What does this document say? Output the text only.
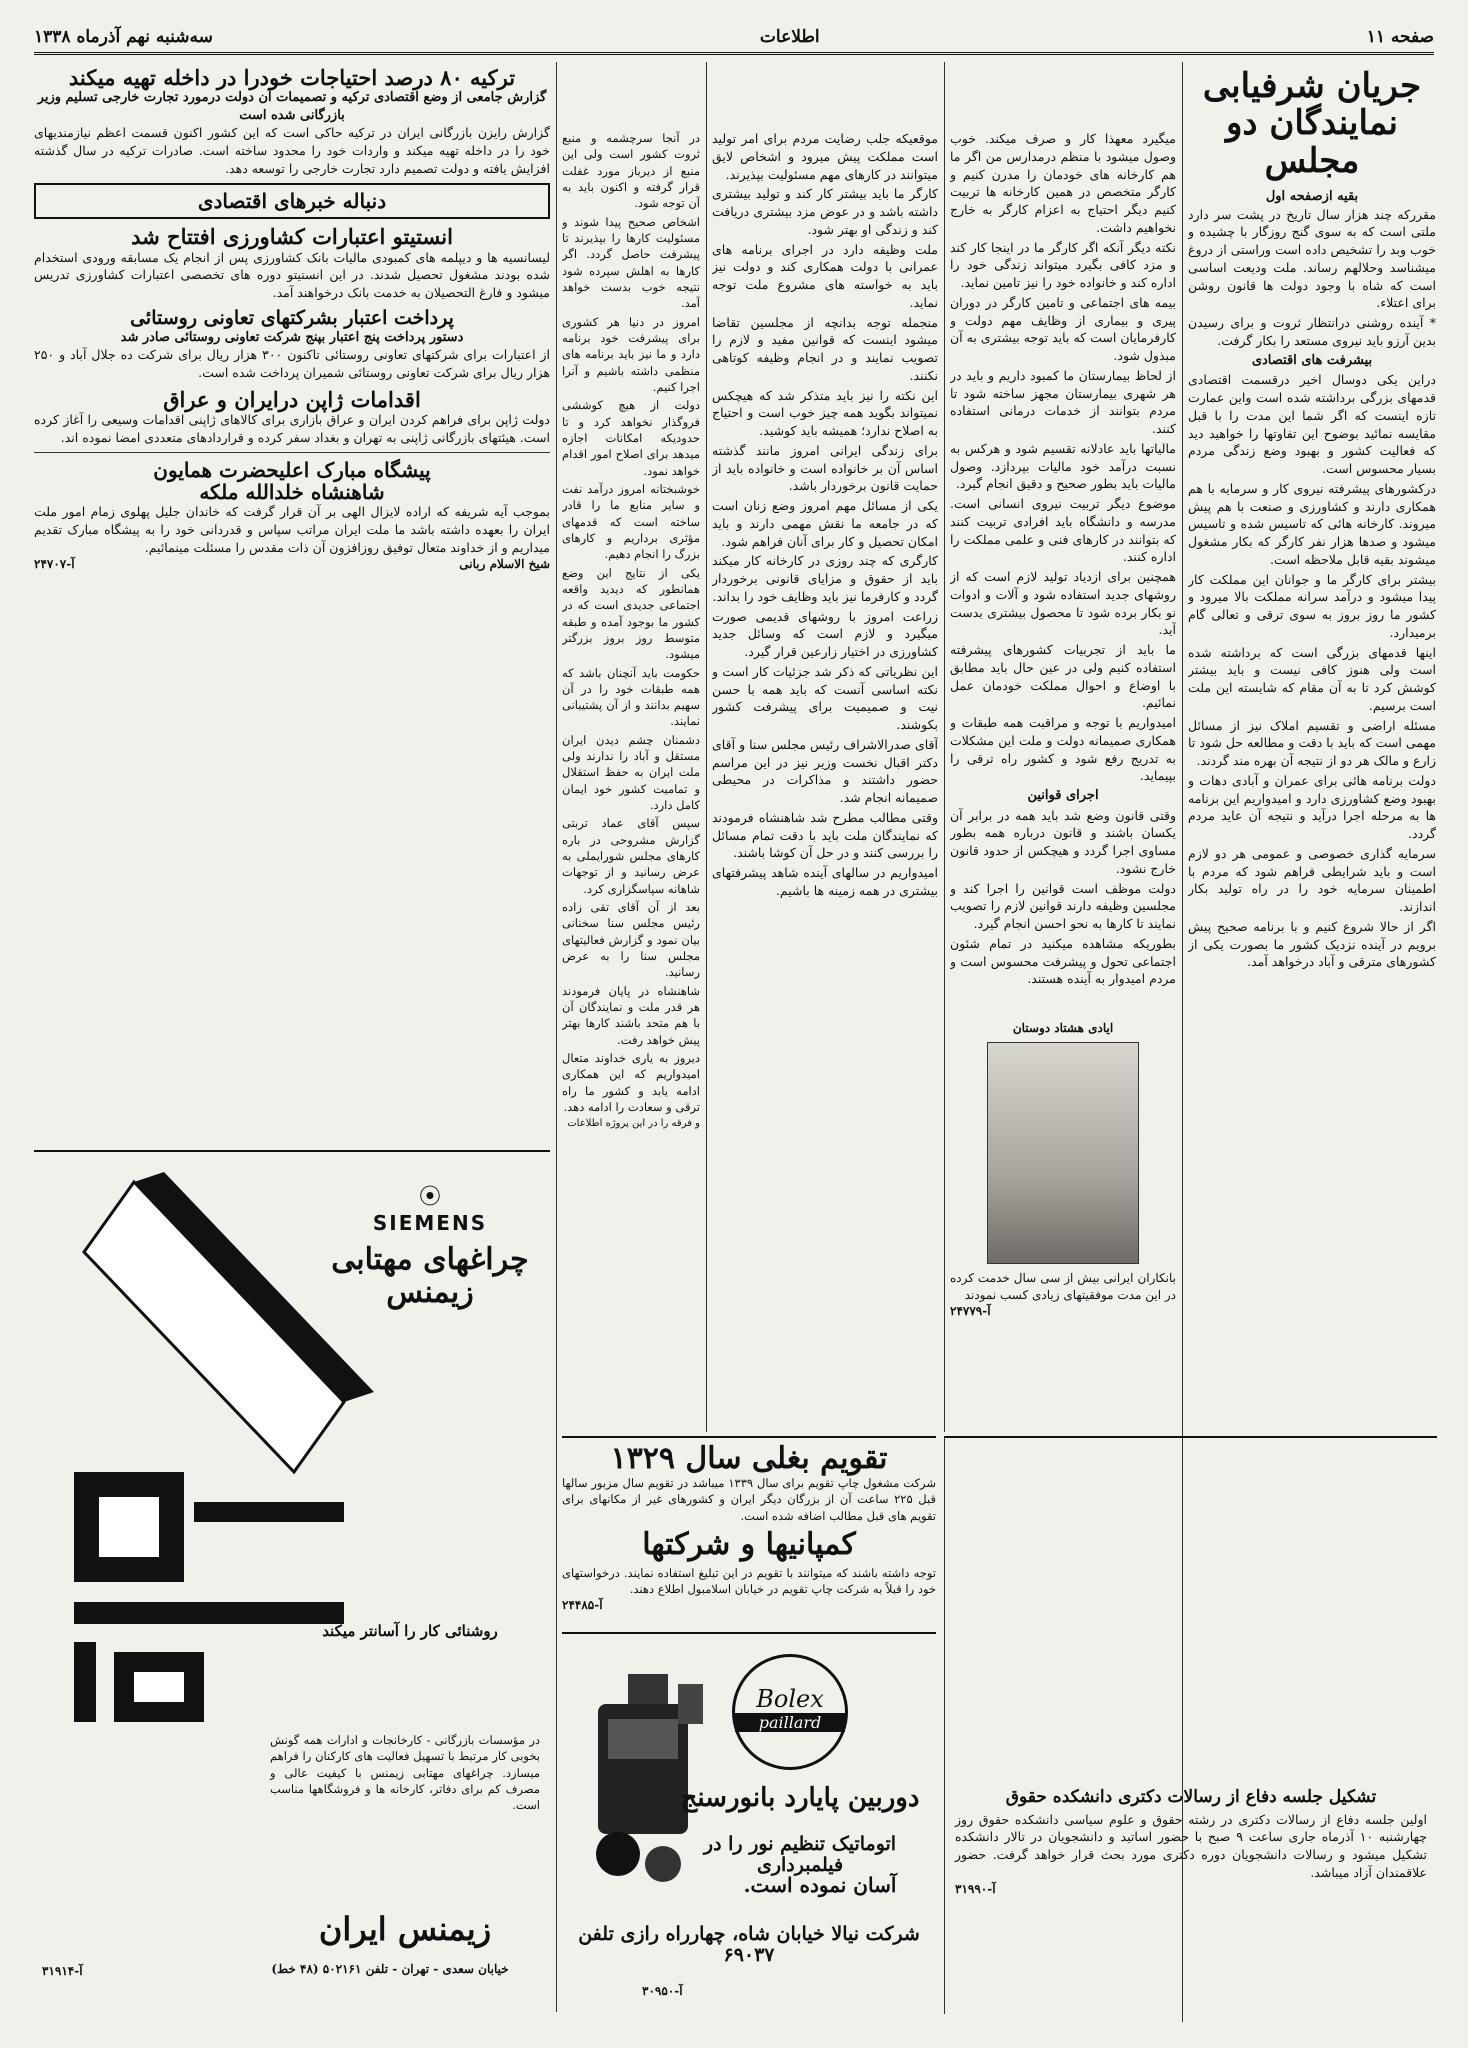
صفحه ۱۱
اطلاعات
سه‌شنبه نهم آذرماه ۱۳۳۸
جریان شرفیابی نمایندگان دو مجلس
بقیه ازصفحه اول

مقررکه چند هزار سال تاریخ در پشت سر دارد ملتی است که به سوی گنج روزگار با چشیده و خوب وبد را تشخیص داده است وراستی از دروغ میشناسد وحلالهم رساند. ملت ودیعت اساسی است که شاه با وجود دولت ها قانون روشن برای اعتلاء.

* آینده روشنی درانتظار ثروت و برای رسیدن بدین آرزو باید نیروی مستعد را بکار گرفت.

بیشرفت های اقتصادی

دراین یکی دوسال اخیر درقسمت اقتصادی قدمهای بزرگی برداشته شده است واین عمارت تازه اینست که اگر شما این مدت را با قبل مقایسه نمائید بوضوح این تفاوتها را خواهید دید که فعالیت کشور و بهبود وضع زندگی مردم بسیار محسوس است.

درکشورهای پیشرفته نیروی کار و سرمایه با هم همکاری دارند و کشاورزی و صنعت با هم پیش میروند. کارخانه هائی که تاسیس شده و تاسیس میشود و صدها هزار نفر کارگر که بکار مشغول میشوند بقیه قابل ملاحظه است.

بیشتر برای کارگر ما و جوانان این مملکت کار پیدا میشود و درآمد سرانه مملکت بالا میرود و کشور ما روز بروز به سوی ترقی و تعالی گام برمیدارد.

اینها قدمهای بزرگی است که برداشته شده است ولی هنوز کافی نیست و باید بیشتر کوشش کرد تا به آن مقام که شایسته این ملت است برسیم.

مسئله اراضی و تقسیم املاک نیز از مسائل مهمی است که باید با دقت و مطالعه حل شود تا زارع و مالک هر دو از نتیجه آن بهره مند گردند.

دولت برنامه هائی برای عمران و آبادی دهات و بهبود وضع کشاورزی دارد و امیدواریم این برنامه ها به مرحله اجرا درآید و نتیجه آن عاید مردم گردد.

سرمایه گذاری خصوصی و عمومی هر دو لازم است و باید شرایطی فراهم شود که مردم با اطمینان سرمایه خود را در راه تولید بکار اندازند.

اگر از حالا شروع کنیم و با برنامه صحیح پیش برویم در آینده نزدیک کشور ما بصورت یکی از کشورهای مترقی و آباد درخواهد آمد.

میگیرد معهذا کار و صرف میکند. خوب وصول میشود با منظم درمدارس من اگر ما هم کارخانه های خودمان را مدرن کنیم و کارگر متخصص در همین کارخانه ها تربیت کنیم دیگر احتیاج به اعزام کارگر به خارج نخواهیم داشت.

نکته دیگر آنکه اگر کارگر ما در اینجا کار کند و مزد کافی بگیرد میتواند زندگی خود را اداره کند و خانواده خود را نیز تامین نماید.

بیمه های اجتماعی و تامین کارگر در دوران پیری و بیماری از وظایف مهم دولت و کارفرمایان است که باید توجه بیشتری به آن مبذول شود.

از لحاظ بیمارستان ما کمبود داریم و باید در هر شهری بیمارستان مجهز ساخته شود تا مردم بتوانند از خدمات درمانی استفاده کنند.

مالیاتها باید عادلانه تقسیم شود و هرکس به نسبت درآمد خود مالیات بپردازد. وصول مالیات باید بطور صحیح و دقیق انجام گیرد.

موضوع دیگر تربیت نیروی انسانی است. مدرسه و دانشگاه باید افرادی تربیت کنند که بتوانند در کارهای فنی و علمی مملکت را اداره کنند.

همچنین برای ازدیاد تولید لازم است که از روشهای جدید استفاده شود و آلات و ادوات نو بکار برده شود تا محصول بیشتری بدست آید.

ما باید از تجربیات کشورهای پیشرفته استفاده کنیم ولی در عین حال باید مطابق با اوضاع و احوال مملکت خودمان عمل نمائیم.

امیدواریم با توجه و مراقبت همه طبقات و همکاری صمیمانه دولت و ملت این مشکلات به تدریج رفع شود و کشور راه ترقی را بپیماید.

اجرای قوانین

وقتی قانون وضع شد باید همه در برابر آن یکسان باشند و قانون درباره همه بطور مساوی اجرا گردد و هیچکس از حدود قانون خارج نشود.

دولت موظف است قوانین را اجرا کند و مجلسین وظیفه دارند قوانین لازم را تصویب نمایند تا کارها به نحو احسن انجام گیرد.

بطوریکه مشاهده میکنید در تمام شئون اجتماعی تحول و پیشرفت محسوس است و مردم امیدوار به آینده هستند.

ایادی هشتاد دوستان
بانکاران ایرانی بیش از سی سال خدمت کرده در این مدت موفقیتهای زیادی کسب نمودند
آ-۲۴۷۷۹

موقعیکه جلب رضایت مردم برای امر تولید است مملکت پیش میرود و اشخاص لایق میتوانند در کارهای مهم مسئولیت بپذیرند.

کارگر ما باید بیشتر کار کند و تولید بیشتری داشته باشد و در عوض مزد بیشتری دریافت کند و زندگی او بهتر شود.

ملت وظیفه دارد در اجرای برنامه های عمرانی با دولت همکاری کند و دولت نیز باید به خواسته های مشروع ملت توجه نماید.

منجمله توجه بدانچه از مجلسین تقاضا میشود اینست که قوانین مفید و لازم را تصویب نمایند و در انجام وظیفه کوتاهی نکنند.

این نکته را نیز باید متذکر شد که هیچکس نمیتواند بگوید همه چیز خوب است و احتیاج به اصلاح ندارد؛ همیشه باید کوشید.

برای زندگی ایرانی امروز مانند گذشته اساس آن بر خانواده است و خانواده باید از حمایت قانون برخوردار باشد.

یکی از مسائل مهم امروز وضع زنان است که در جامعه ما نقش مهمی دارند و باید امکان تحصیل و کار برای آنان فراهم شود.

کارگری که چند روزی در کارخانه کار میکند باید از حقوق و مزایای قانونی برخوردار گردد و کارفرما نیز باید وظایف خود را بداند.

زراعت امروز با روشهای قدیمی صورت میگیرد و لازم است که وسائل جدید کشاورزی در اختیار زارعین قرار گیرد.

این نظریاتی که ذکر شد جزئیات کار است و نکته اساسی آنست که باید همه با حسن نیت و صمیمیت برای پیشرفت کشور بکوشند.

آقای صدرالاشراف رئیس مجلس سنا و آقای دکتر اقبال نخست وزیر نیز در این مراسم حضور داشتند و مذاکرات در محیطی صمیمانه انجام شد.

وقتی مطالب مطرح شد شاهنشاه فرمودند که نمایندگان ملت باید با دقت تمام مسائل را بررسی کنند و در حل آن کوشا باشند.

امیدواریم در سالهای آینده شاهد پیشرفتهای بیشتری در همه زمینه ها باشیم.

در آنجا سرچشمه و منبع ثروت کشور است ولی این منبع از دیرباز مورد غفلت قرار گرفته و اکنون باید به آن توجه شود.

اشخاص صحیح پیدا شوند و مسئولیت کارها را بپذیرند تا پیشرفت حاصل گردد. اگر کارها به اهلش سپرده شود نتیجه خوب بدست خواهد آمد.

امروز در دنیا هر کشوری برای پیشرفت خود برنامه دارد و ما نیز باید برنامه های منظمی داشته باشیم و آنرا اجرا کنیم.

دولت از هیچ کوششی فروگذار نخواهد کرد و تا حدودیکه امکانات اجازه میدهد برای اصلاح امور اقدام خواهد نمود.

خوشبختانه امروز درآمد نفت و سایر منابع ما را قادر ساخته است که قدمهای مؤثری برداریم و کارهای بزرگ را انجام دهیم.

یکی از نتایج این وضع همانطور که دیدید واقعه اجتماعی جدیدی است که در کشور ما بوجود آمده و طبقه متوسط روز بروز بزرگتر میشود.

حکومت باید آنچنان باشد که همه طبقات خود را در آن سهیم بدانند و از آن پشتیبانی نمایند.

دشمنان چشم دیدن ایران مستقل و آباد را ندارند ولی ملت ایران به حفظ استقلال و تمامیت کشور خود ایمان کامل دارد.

سپس آقای عماد تربتی گزارش مشروحی در باره کارهای مجلس شورایملی به عرض رسانید و از توجهات شاهانه سپاسگزاری کرد.

بعد از آن آقای تقی زاده رئیس مجلس سنا سخنانی بیان نمود و گزارش فعالیتهای مجلس سنا را به عرض رسانید.

شاهنشاه در پایان فرمودند هر قدر ملت و نمایندگان آن با هم متحد باشند کارها بهتر پیش خواهد رفت.

دیروز به یاری خداوند متعال امیدواریم که این همکاری ادامه یابد و کشور ما راه ترقی و سعادت را ادامه دهد.

و فرقه را در این پروژه اطلاعات

ترکیه ۸۰ درصد احتیاجات خودرا در داخله تهیه میکند
گزارش جامعی از وضع اقتصادی ترکیه و تصمیمات آن دولت درمورد تجارت خارجی تسلیم وزیر بازرگانی شده است
گزارش رایزن بازرگانی ایران در ترکیه حاکی است که این کشور اکنون قسمت اعظم نیازمندیهای خود را در داخله تهیه میکند و واردات خود را محدود ساخته است. صادرات ترکیه در سال گذشته افزایش یافته و دولت تصمیم دارد تجارت خارجی را توسعه دهد.
دنباله خبرهای اقتصادی
انستیتو اعتبارات کشاورزی افتتاح شد
لیسانسیه ها و دیپلمه های کمبودی مالیات بانک کشاورزی پس از انجام یک مسابقه ورودی استخدام شده بودند مشغول تحصیل شدند. در این انستیتو دوره های تخصصی اعتبارات کشاورزی تدریس میشود و فارغ التحصیلان به خدمت بانک درخواهند آمد.
پرداخت اعتبار بشرکتهای تعاونی روستائی
دستور پرداخت پنج اعتبار بپنج شرکت تعاونی روستائی صادر شد
از اعتبارات برای شرکتهای تعاونی روستائی تاکنون ۳۰۰ هزار ریال برای شرکت ده جلال آباد و ۲۵۰ هزار ریال برای شرکت تعاونی روستائی شمیران پرداخت شده است.
اقدامات ژاپن درایران و عراق
دولت ژاپن برای فراهم کردن ایران و عراق بازاری برای کالاهای ژاپنی اقدامات وسیعی را آغاز کرده است. هیئتهای بازرگانی ژاپنی به تهران و بغداد سفر کرده و قراردادهای متعددی امضا نموده اند.
پیشگاه مبارک اعلیحضرت همایون
شاهنشاه خلدالله ملکه
بموجب آیه شریفه که اراده لایزال الهی بر آن قرار گرفت که خاندان جلیل پهلوی زمام امور ملت ایران را بعهده داشته باشد ما ملت ایران مراتب سپاس و قدردانی خود را به پیشگاه مبارک تقدیم میداریم و از خداوند متعال توفیق روزافزون آن ذات مقدس را مسئلت مینمائیم.
شیخ الاسلام ربانی
آ-۲۴۷۰۷
⦿
SIEMENS
چراغهای مهتابی زیمنس
روشنائی کار را آسانتر میکند
در مؤسسات بازرگانی - کارخانجات و ادارات همه گونش بخوبی کار مرتبط با تسهیل فعالیت های کارکنان را فراهم میسازد. چراغهای مهتابی زیمنس با کیفیت عالی و مصرف کم برای دفاتر، کارخانه ها و فروشگاهها مناسب است.
زیمنس ایران
خیابان سعدی - تهران - تلفن ۵۰۲۱۶۱ (۴۸ خط)
آ-۳۱۹۱۴
تقویم بغلی سال ۱۳۲۹
شرکت مشغول چاپ تقویم برای سال ۱۳۳۹ میباشد در تقویم سال مزبور سالها قبل ۲۲۵ ساعت آن از بزرگان دیگر ایران و کشورهای غیر از مکانهای برای تقویم های قبل مطالب اضافه شده است.
کمپانیها و شرکتها
توجه داشته باشند که میتوانند با تقویم در این تبلیغ استفاده نمایند. درخواستهای خود را قبلاً به شرکت چاپ تقویم در خیابان اسلامبول اطلاع دهند.
آ-۲۴۴۸۵
Bolex
paillard
دوربین پایارد بانورسنج
اتوماتیک تنظیم نور را در فیلمبرداری
آسان نموده است.
شرکت نیالا خیابان شاه، چهارراه رازی تلفن ۶۹۰۳۷
آ-۳۰۹۵۰
تشکیل جلسه دفاع از رسالات دکتری دانشکده حقوق
اولین جلسه دفاع از رسالات دکتری در رشته حقوق و علوم سیاسی دانشکده حقوق روز چهارشنبه ۱۰ آذرماه جاری ساعت ۹ صبح با حضور اساتید و دانشجویان در تالار دانشکده تشکیل میشود و رسالات دانشجویان دوره دکتری مورد بحث قرار خواهد گرفت. حضور علاقمندان آزاد میباشد.
آ-۳۱۹۹۰
